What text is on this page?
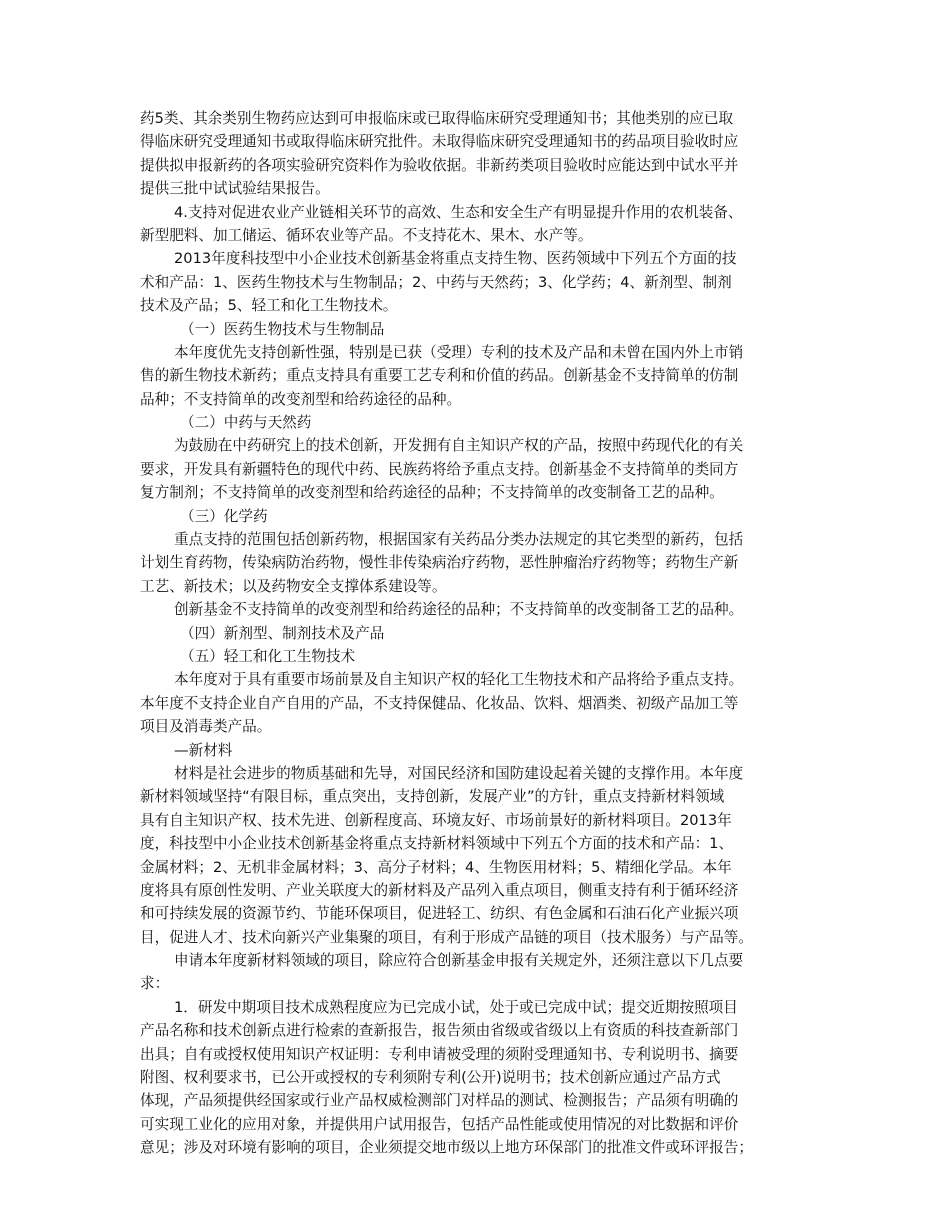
药5类、其余类别生物药应达到可申报临床或已取得临床研究受理通知书；其他类别的应已取
得临床研究受理通知书或取得临床研究批件。未取得临床研究受理通知书的药品项目验收时应
提供拟申报新药的各项实验研究资料作为验收依据。非新药类项目验收时应能达到中试水平并
提供三批中试试验结果报告。
4.支持对促进农业产业链相关环节的高效、生态和安全生产有明显提升作用的农机装备、
新型肥料、加工储运、循环农业等产品。不支持花木、果木、水产等。
2013年度科技型中小企业技术创新基金将重点支持生物、医药领域中下列五个方面的技
术和产品：1、医药生物技术与生物制品；2、中药与天然药；3、化学药；4、新剂型、制剂
技术及产品；5、轻工和化工生物技术。
（一）医药生物技术与生物制品
本年度优先支持创新性强，特别是已获（受理）专利的技术及产品和未曾在国内外上市销
售的新生物技术新药；重点支持具有重要工艺专利和价值的药品。创新基金不支持简单的仿制
品种；不支持简单的改变剂型和给药途径的品种。
（二）中药与天然药
为鼓励在中药研究上的技术创新，开发拥有自主知识产权的产品，按照中药现代化的有关
要求，开发具有新疆特色的现代中药、民族药将给予重点支持。创新基金不支持简单的类同方
复方制剂；不支持简单的改变剂型和给药途径的品种；不支持简单的改变制备工艺的品种。
（三）化学药
重点支持的范围包括创新药物，根据国家有关药品分类办法规定的其它类型的新药，包括
计划生育药物，传染病防治药物，慢性非传染病治疗药物，恶性肿瘤治疗药物等；药物生产新
工艺、新技术；以及药物安全支撑体系建设等。
创新基金不支持简单的改变剂型和给药途径的品种；不支持简单的改变制备工艺的品种。
（四）新剂型、制剂技术及产品
（五）轻工和化工生物技术
本年度对于具有重要市场前景及自主知识产权的轻化工生物技术和产品将给予重点支持。
本年度不支持企业自产自用的产品，不支持保健品、化妆品、饮料、烟酒类、初级产品加工等
项目及消毒类产品。
—新材料
材料是社会进步的物质基础和先导，对国民经济和国防建设起着关键的支撑作用。本年度
新材料领域坚持“有限目标，重点突出，支持创新，发展产业”的方针，重点支持新材料领域
具有自主知识产权、技术先进、创新程度高、环境友好、市场前景好的新材料项目。2013年
度，科技型中小企业技术创新基金将重点支持新材料领域中下列五个方面的技术和产品：1、
金属材料；2、无机非金属材料；3、高分子材料；4、生物医用材料；5、精细化学品。本年
度将具有原创性发明、产业关联度大的新材料及产品列入重点项目，侧重支持有利于循环经济
和可持续发展的资源节约、节能环保项目，促进轻工、纺织、有色金属和石油石化产业振兴项
目，促进人才、技术向新兴产业集聚的项目，有利于形成产品链的项目（技术服务）与产品等。
申请本年度新材料领域的项目，除应符合创新基金申报有关规定外，还须注意以下几点要
求：
1．研发中期项目技术成熟程度应为已完成小试，处于或已完成中试；提交近期按照项目
产品名称和技术创新点进行检索的查新报告，报告须由省级或省级以上有资质的科技查新部门
出具；自有或授权使用知识产权证明：专利申请被受理的须附受理通知书、专利说明书、摘要
附图、权利要求书，已公开或授权的专利须附专利(公开)说明书；技术创新应通过产品方式
体现，产品须提供经国家或行业产品权威检测部门对样品的测试、检测报告；产品须有明确的
可实现工业化的应用对象，并提供用户试用报告，包括产品性能或使用情况的对比数据和评价
意见；涉及对环境有影响的项目，企业须提交地市级以上地方环保部门的批准文件或环评报告；
